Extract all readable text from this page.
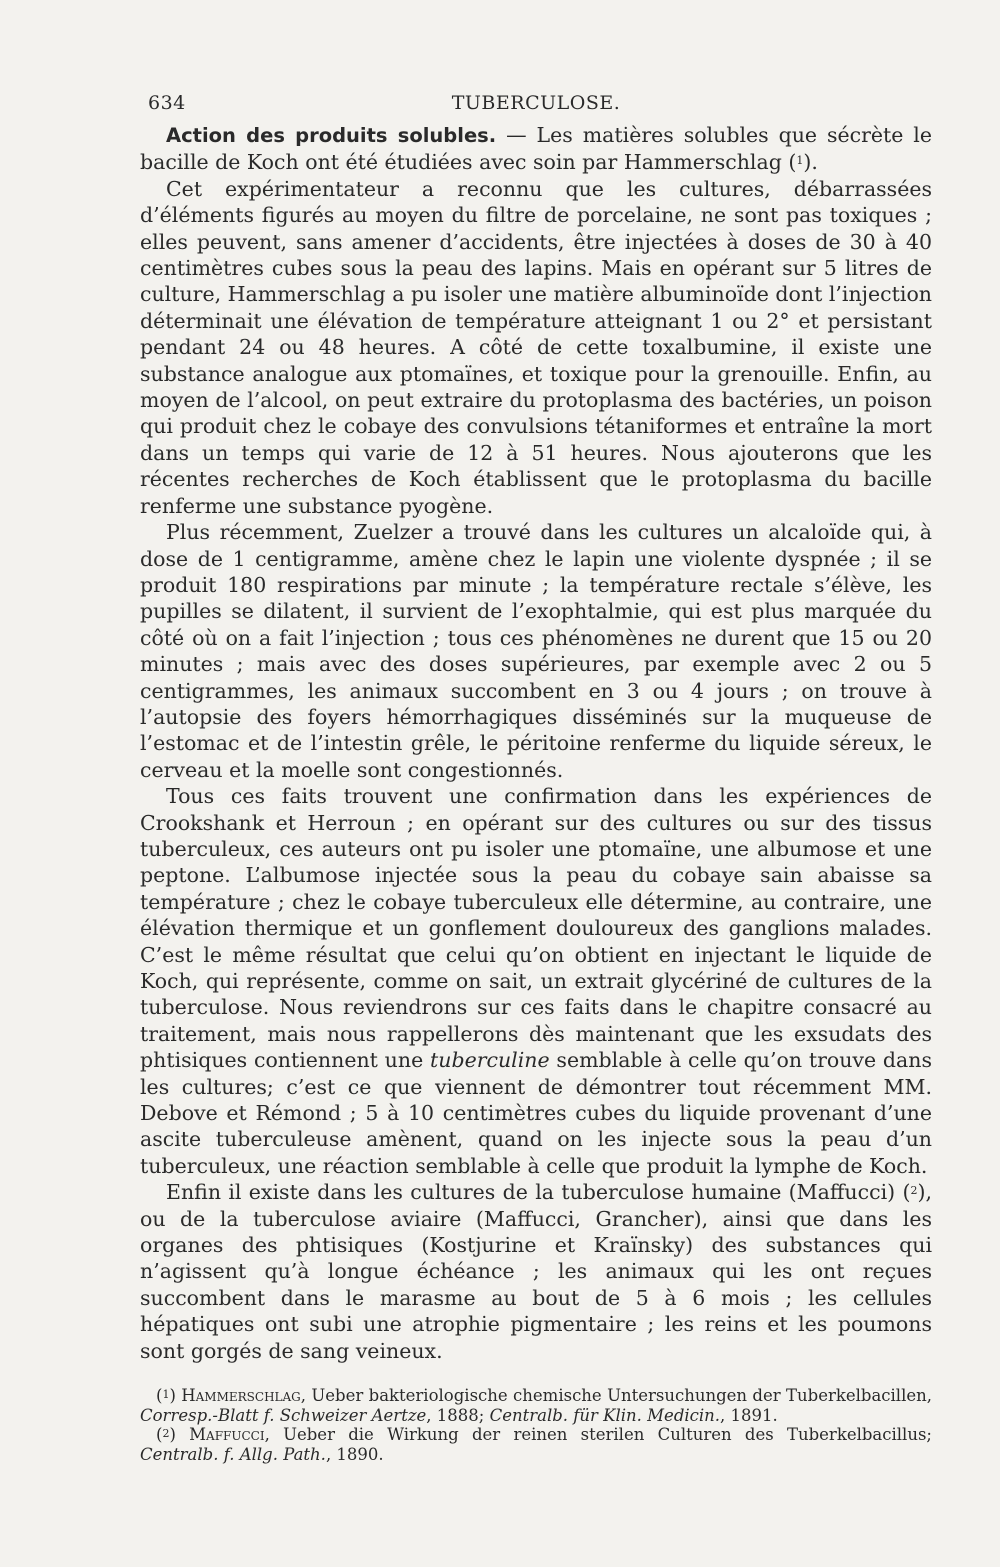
634	TUBERCULOSE.

Action des produits solubles. — Les matières solubles que sécrète le bacille de Koch ont été étudiées avec soin par Hammerschlag ($^1$).

Cet expérimentateur a reconnu que les cultures, débarrassées d’éléments figurés au moyen du filtre de porcelaine, ne sont pas toxiques ; elles peuvent, sans amener d’accidents, être injectées à doses de 30 à 40 centimètres cubes sous la peau des lapins. Mais en opérant sur 5 litres de culture, Hammerschlag a pu isoler une matière albuminoïde dont l’injection déterminait une élévation de température atteignant 1 ou 2° et persistant pendant 24 ou 48 heures. A côté de cette toxalbumine, il existe une substance analogue aux ptomaïnes, et toxique pour la grenouille. Enfin, au moyen de l’alcool, on peut extraire du protoplasma des bactéries, un poison qui produit chez le cobaye des convulsions tétaniformes et entraîne la mort dans un temps qui varie de 12 à 51 heures. Nous ajouterons que les récentes recherches de Koch établissent que le protoplasma du bacille renferme une substance pyogène.

Plus récemment, Zuelzer a trouvé dans les cultures un alcaloïde qui, à dose de 1 centigramme, amène chez le lapin une violente dyspnée ; il se produit 180 respirations par minute ; la température rectale s’élève, les pupilles se dilatent, il survient de l’exophtalmie, qui est plus marquée du côté où on a fait l’injection ; tous ces phénomènes ne durent que 15 ou 20 minutes ; mais avec des doses supérieures, par exemple avec 2 ou 5 centigrammes, les animaux succombent en 3 ou 4 jours ; on trouve à l’autopsie des foyers hémorrhagiques disséminés sur la muqueuse de l’estomac et de l’intestin grêle, le péritoine renferme du liquide séreux, le cerveau et la moelle sont congestionnés.

Tous ces faits trouvent une confirmation dans les expériences de Crookshank et Herroun ; en opérant sur des cultures ou sur des tissus tuberculeux, ces auteurs ont pu isoler une ptomaïne, une albumose et une peptone. L’albumose injectée sous la peau du cobaye sain abaisse sa température ; chez le cobaye tuberculeux elle détermine, au contraire, une élévation thermique et un gonflement douloureux des ganglions malades. C’est le même résultat que celui qu’on obtient en injectant le liquide de Koch, qui représente, comme on sait, un extrait glycériné de cultures de la tuberculose. Nous reviendrons sur ces faits dans le chapitre consacré au traitement, mais nous rappellerons dès maintenant que les exsudats des phtisiques contiennent une tuberculine semblable à celle qu’on trouve dans les cultures; c’est ce que viennent de démontrer tout récemment MM. Debove et Rémond ; 5 à 10 centimètres cubes du liquide provenant d’une ascite tuberculeuse amènent, quand on les injecte sous la peau d’un tuberculeux, une réaction semblable à celle que produit la lymphe de Koch.

Enfin il existe dans les cultures de la tuberculose humaine (Maffucci) ($^2$), ou de la tuberculose aviaire (Maffucci, Grancher), ainsi que dans les organes des phtisiques (Kostjurine et Kraïnsky) des substances qui n’agissent qu’à longue échéance ; les animaux qui les ont reçues succombent dans le marasme au bout de 5 à 6 mois ; les cellules hépatiques ont subi une atrophie pigmentaire ; les reins et les poumons sont gorgés de sang veineux.

($^1$) Hammerschlag, Ueber bakteriologische chemische Untersuchungen der Tuberkelbacillen, Corresp.-Blatt f. Schweizer Aertze, 1888; Centralb. für Klin. Medicin., 1891.

($^2$) Maffucci, Ueber die Wirkung der reinen sterilen Culturen des Tuberkelbacillus; Centralb. f. Allg. Path., 1890.
